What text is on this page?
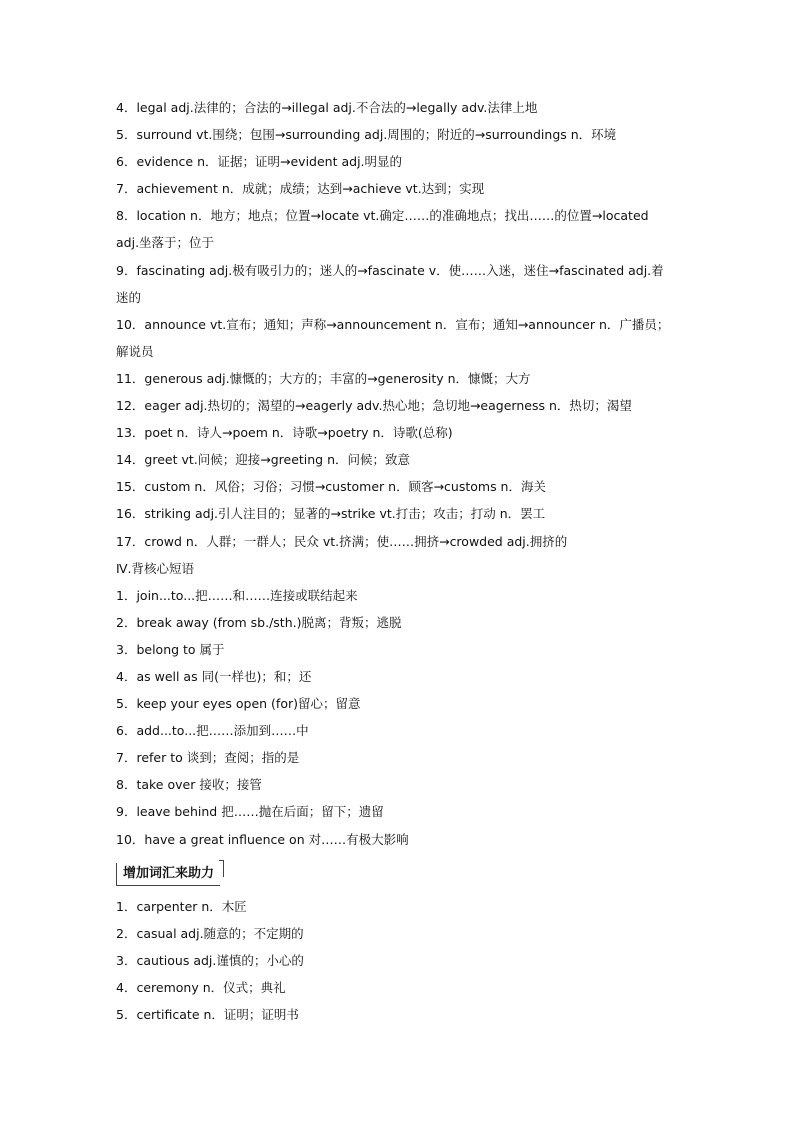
4．legal adj.法律的；合法的→illegal adj.不合法的→legally adv.法律上地
5．surround vt.围绕；包围→surrounding adj.周围的；附近的→surroundings n．环境
6．evidence n．证据；证明→evident adj.明显的
7．achievement n．成就；成绩；达到→achieve vt.达到；实现
8．location n．地方；地点；位置→locate vt.确定……的准确地点；找出……的位置→located
adj.坐落于；位于
9．fascinating adj.极有吸引力的；迷人的→fascinate v．使……入迷，迷住→fascinated adj.着
迷的
10．announce vt.宣布；通知；声称→announcement n．宣布；通知→announcer n．广播员；
解说员
11．generous adj.慷慨的；大方的；丰富的→generosity n．慷慨；大方
12．eager adj.热切的；渴望的→eagerly adv.热心地；急切地→eagerness n．热切；渴望
13．poet n．诗人→poem n．诗歌→poetry n．诗歌(总称)
14．greet vt.问候；迎接→greeting n．问候；致意
15．custom n．风俗；习俗；习惯→customer n．顾客→customs n．海关
16．striking adj.引人注目的；显著的→strike vt.打击；攻击；打动 n．罢工
17．crowd n．人群；一群人；民众 vt.挤满；使……拥挤→crowded adj.拥挤的
Ⅳ.背核心短语
1．join...to...把……和……连接或联结起来
2．break away (from sb./sth.)脱离；背叛；逃脱
3．belong to 属于
4．as well as 同(一样也)；和；还
5．keep your eyes open (for)留心；留意
6．add...to...把……添加到……中
7．refer to 谈到；查阅；指的是
8．take over 接收；接管
9．leave behind 把……抛在后面；留下；遗留
10．have a great influence on 对……有极大影响
增加词汇来助力
1．carpenter n．木匠
2．casual adj.随意的；不定期的
3．cautious adj.谨慎的；小心的
4．ceremony n．仪式；典礼
5．certificate n．证明；证明书
